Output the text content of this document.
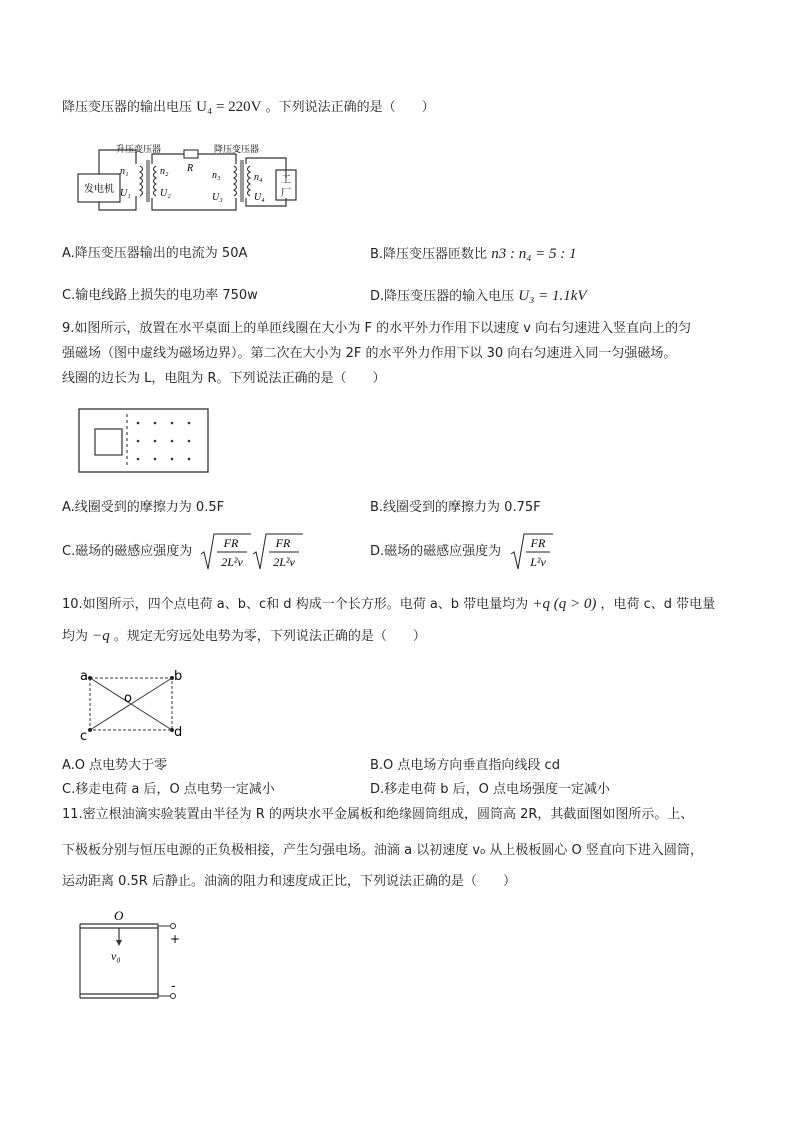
降压变压器的输出电压 U₄ = 220V 。下列说法正确的是（　　）
发电机
升压变压器
n₁
U₁
R
n₂
U₂
降压变压器
n₃
U₃
n₄
U₄
工
厂
A.降压变压器输出的电流为 50A	B.降压变压器匝数比 n3 : n₄ = 5 : 1
C.输电线路上损失的电功率 750w	D.降压变压器的输入电压 U₃ = 1.1kV
9.如图所示，放置在水平桌面上的单匝线圈在大小为 F 的水平外力作用下以速度 v 向右匀速进入竖直向上的匀
强磁场（图中虚线为磁场边界）。第二次在大小为 2F 的水平外力作用下以 30 向右匀速进入同一匀强磁场。
线圈的边长为 L，电阻为 R。下列说法正确的是（　　）
A.线圈受到的摩擦力为 0.5F	B.线圈受到的摩擦力为 0.75F
C.磁场的磁感应强度为
FR
2L²v
FR
2L²v
D.磁场的磁感应强度为
FR
L²v
10.如图所示，四个点电荷 a、b、c和 d 构成一个长方形。电荷 a、b 带电量均为 +q (q > 0) ，电荷 c、d 带电量
均为 −q 。规定无穷远处电势为零，下列说法正确的是（　　）
a	b
c	d
o
A.O 点电势大于零	B.O 点电场方向垂直指向线段 cd
C.移走电荷 a 后，O 点电势一定减小	D.移走电荷 b 后，O 点电场强度一定减小
11.密立根油滴实验装置由半径为 R 的两块水平金属板和绝缘圆筒组成，圆筒高 2R，其截面图如图所示。上、
下极板分别与恒压电源的正负极相接，产生匀强电场。油滴 a 以初速度 v₀ 从上极板圆心 O 竖直向下进入圆筒，
运动距离 0.5R 后静止。油滴的阻力和速度成正比，下列说法正确的是（　　）
O
+
-
v₀
